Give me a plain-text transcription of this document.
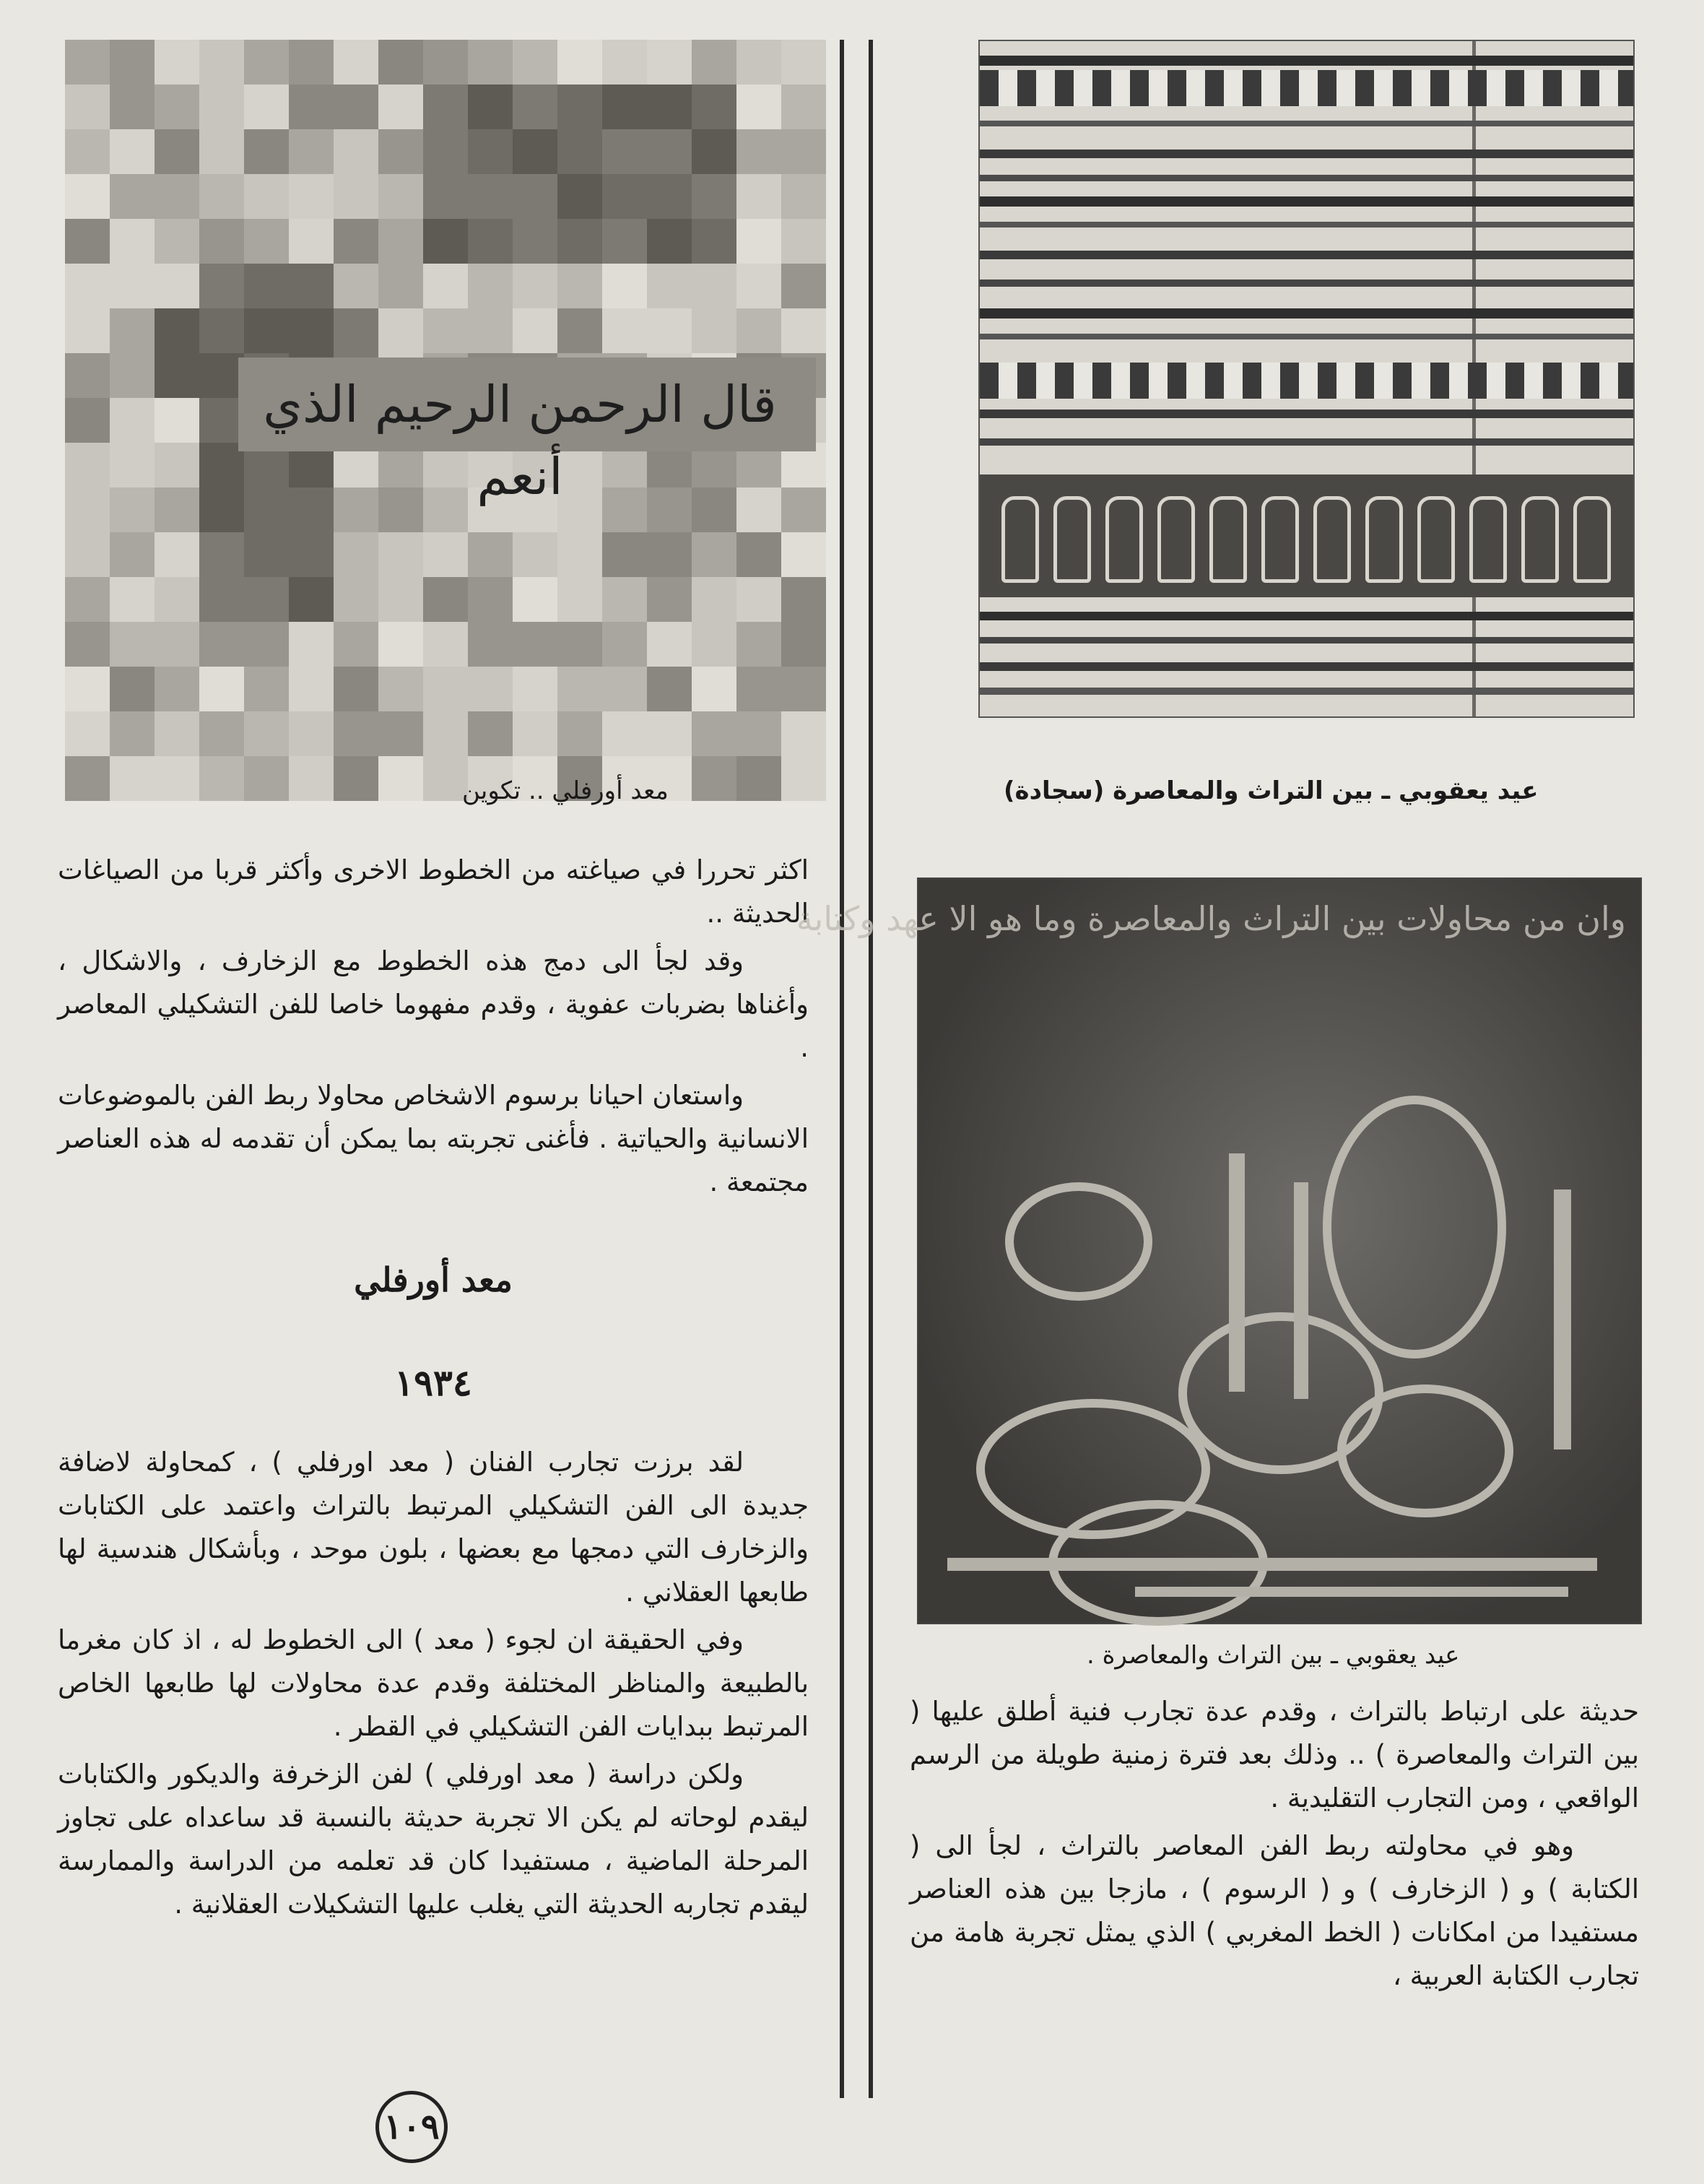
قال الرحمن الرحيم الذي أنعم
معد أورفلي .. تكوين

اكثر تحررا في صياغته من الخطوط الاخرى وأكثر قربا من الصياغات الحديثة ..

وقد لجأ الى دمج هذه الخطوط مع الزخارف ، والاشكال ، وأغناها بضربات عفوية ، وقدم مفهوما خاصا للفن التشكيلي المعاصر .

واستعان احيانا برسوم الاشخاص محاولا ربط الفن بالموضوعات الانسانية والحياتية . فأغنى تجربته بما يمكن أن تقدمه له هذه العناصر مجتمعة .

معد أورفلي
١٩٣٤

لقد برزت تجارب الفنان ( معد اورفلي ) ، كمحاولة لاضافة جديدة الى الفن التشكيلي المرتبط بالتراث واعتمد على الكتابات والزخارف التي دمجها مع بعضها ، بلون موحد ، وبأشكال هندسية لها طابعها العقلاني .

وفي الحقيقة ان لجوء ( معد ) الى الخطوط له ، اذ كان مغرما بالطبيعة والمناظر المختلفة وقدم عدة محاولات لها طابعها الخاص المرتبط ببدايات الفن التشكيلي في القطر .

ولكن دراسة ( معد اورفلي ) لفن الزخرفة والديكور والكتابات ليقدم لوحاته لم يكن الا تجربة حديثة بالنسبة قد ساعداه على تجاوز المرحلة الماضية ، مستفيدا كان قد تعلمه من الدراسة والممارسة ليقدم تجاربه الحديثة التي يغلب عليها التشكيلات العقلانية .

١٠٩
عيد يعقوبي ـ بين التراث والمعاصرة (سجادة)
وان من محاولات بين التراث والمعاصرة وما هو الا عهد وكتابة
عيد يعقوبي ـ بين التراث والمعاصرة .

حديثة على ارتباط بالتراث ، وقدم عدة تجارب فنية أطلق عليها ( بين التراث والمعاصرة ) .. وذلك بعد فترة زمنية طويلة من الرسم الواقعي ، ومن التجارب التقليدية .

وهو في محاولته ربط الفن المعاصر بالتراث ، لجأ الى ( الكتابة ) و ( الزخارف ) و ( الرسوم ) ، مازجا بين هذه العناصر مستفيدا من امكانات ( الخط المغربي ) الذي يمثل تجربة هامة من تجارب الكتابة العربية ،
